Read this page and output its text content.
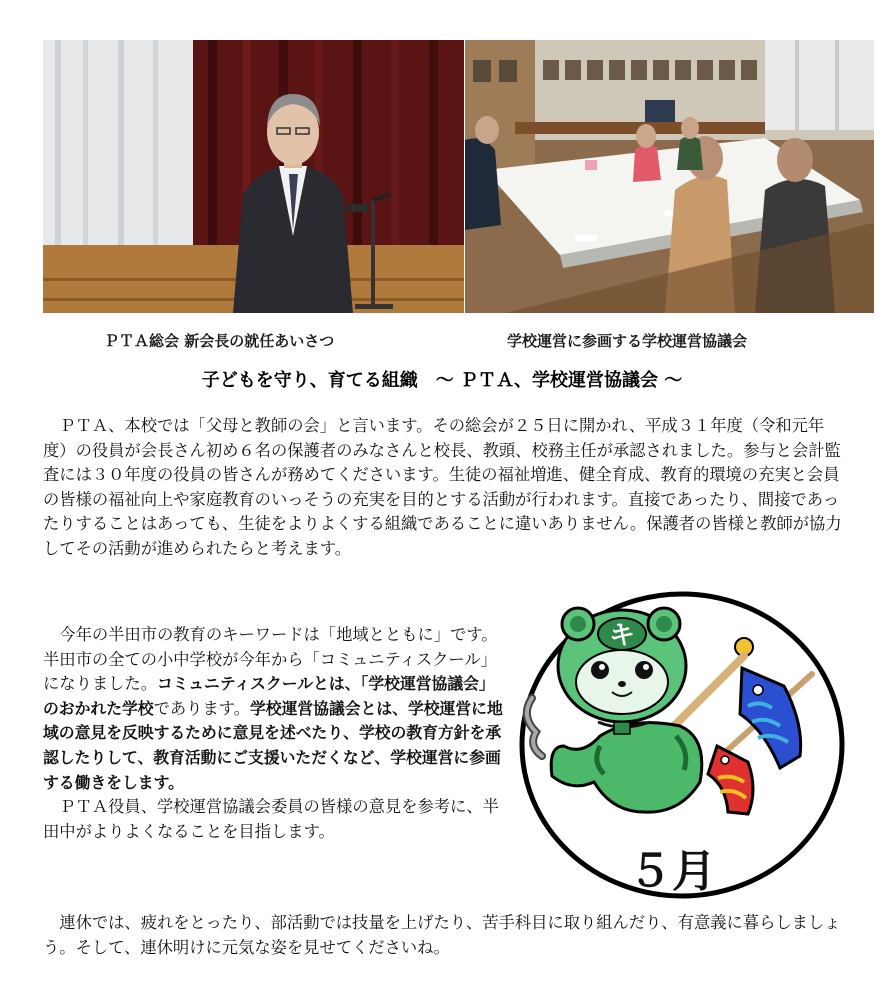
ＰＴＡ総会 新会長の就任あいさつ	学校運営に参画する学校運営協議会
子どもを守り、育てる組織　～ ＰＴＡ、学校運営協議会 ～

ＰＴＡ、本校では「父母と教師の会」と言います。その総会が２５日に開かれ、平成３１年度（令和元年度）の役員が会長さん初め６名の保護者のみなさんと校長、教頭、校務主任が承認されました。参与と会計監査には３０年度の役員の皆さんが務めてくださいます。生徒の福祉増進、健全育成、教育的環境の充実と会員の皆様の福祉向上や家庭教育のいっそうの充実を目的とする活動が行われます。直接であったり、間接であったりすることはあっても、生徒をよりよくする組織であることに違いありません。保護者の皆様と教師が協力してその活動が進められたらと考えます。

今年の半田市の教育のキーワードは「地域とともに」です。半田市の全ての小中学校が今年から「コミュニティスクール」になりました。コミュニティスクールとは、「学校運営協議会」のおかれた学校であります。学校運営協議会とは、学校運営に地域の意見を反映するために意見を述べたり、学校の教育方針を承認したりして、教育活動にご支援いただくなど、学校運営に参画する働きをします。

ＰＴＡ役員、学校運営協議会委員の皆様の意見を参考に、半田中がよりよくなることを目指します。

連休では、疲れをとったり、部活動では技量を上げたり、苦手科目に取り組んだり、有意義に暮らしましょう。そして、連休明けに元気な姿を見せてくださいね。

キ
５月
